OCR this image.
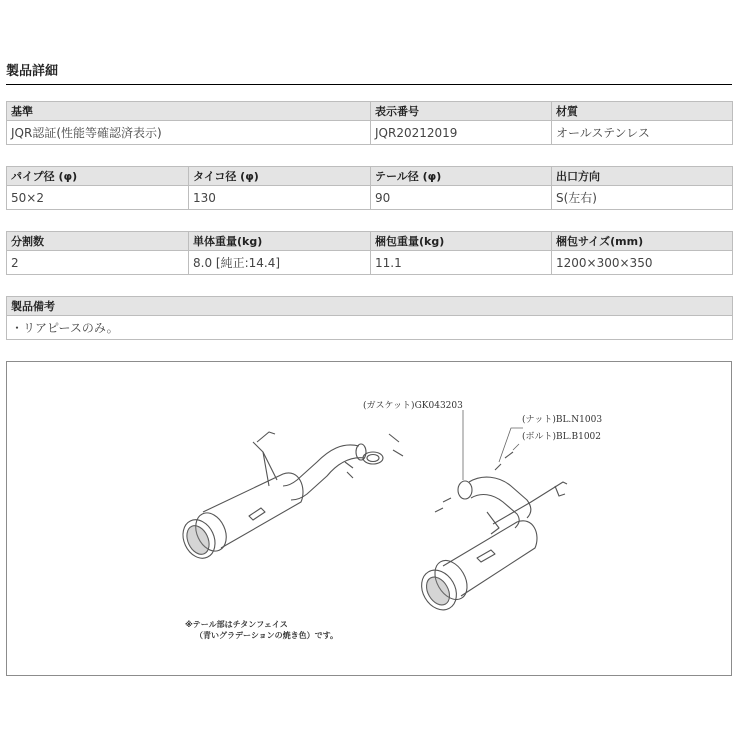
製品詳細
基準	表示番号	材質
JQR認証(性能等確認済表示)	JQR20212019	オールステンレス
パイプ径 (φ)	タイコ径 (φ)	テール径 (φ)	出口方向
50×2	130	90	S(左右)
分割数	単体重量(kg)	梱包重量(kg)	梱包サイズ(mm)
2	8.0 [純正:14.4]	11.1	1200×300×350
製品備考
・リアピースのみ。
(ガスケット)GK043203
(ナット)BL.N1003
(ボルト)BL.B1002
※テール部はチタンフェイス
（青いグラデーションの焼き色）です。
